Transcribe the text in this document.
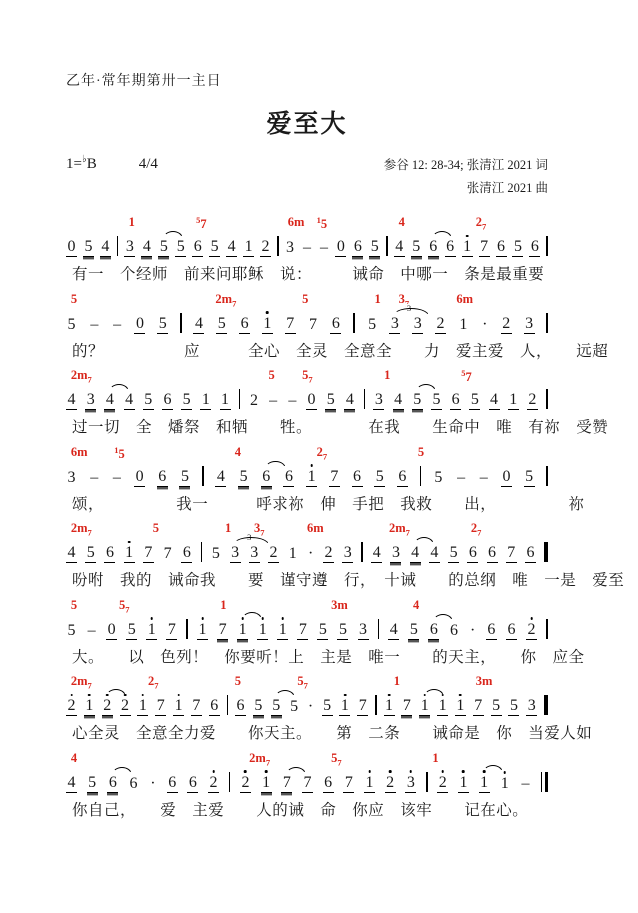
乙年·常年期第卅一主日
爱至大
1=♭B	4/4	参谷 12: 28-34; 张清江 2021 词
张清江 2021 曲
1	$^5$7	6m $^1$5	4	$2_7$
0 5 4 3 4 5 5 6 5 4 1 2 3 – – 0 6 5 4 5 6 6 1 7 6 5 6
有一　个经师　前来问耶稣　说：　　　诫命　中哪一　条是最重要
5	$2m_7$	5	1 3	6m
5 – – 0 5 4 5 6 1 7 7 6 5 3
3
3 2 1 · 2 3
的？　　　　　应　　　全心　全灵　全意全　　力　爱主爱　人，　　远超
$2m_7$	5 $5_7$	1	$^5$7
4 3 4 4 5 6 5 1 1 2 – – 0 5 4 3 4 5 5 6 5 4 1 2
过一切　全　燔祭　和牺　　牲。　　　　在我　　生命中　唯　有祢　受赞
6m	$^1$5	4	$2_7$	5
3 – – 0 6 5 4 5 6 6 1 7 6 5 6 5 – – 0 5
颂，　　　　　我一　　　呼求祢　伸　手把　我救　　出，　　　　　祢
$2m_7$	5	1 $3_7$	6m	$2m_7$	$2_7$
4 5 6 1 7 7 6 5 3
3
3 2 1 · 2 3 4 3 4 4 5 6 6 7 6
吩咐　我的　诫命我　　要　谨守遵　行，　十诫　　的总纲　唯　一是　爱至
5	$5_7$	1	3m	4
5 – 0 5 1 7 1 7 1 1 1 7 5 5 3 4 5 6 6 · 6 6 2
大。　　以　色列！　你要听！上　主是　唯一　　的天主，　　你　应全
$2m_7$	$2_7$	5	$5_7$	1	3m
2 1 2 2 1 7 1 7 6 6 5 5 5 · 5 1 7 1 7 1 1 1 7 5 5 3
心全灵　全意全力爱　　你天主。　　第　二条　　诫命是　你　当爱人如
4	$2m_7$	$5_7$	1
4 5 6 6 · 6 6 2 2 1 7 7 6 7 1 2 3 2 1 1 1 –
你自己，　　爱　主爱　　人的诫　命　你应　该牢　　记在心。
